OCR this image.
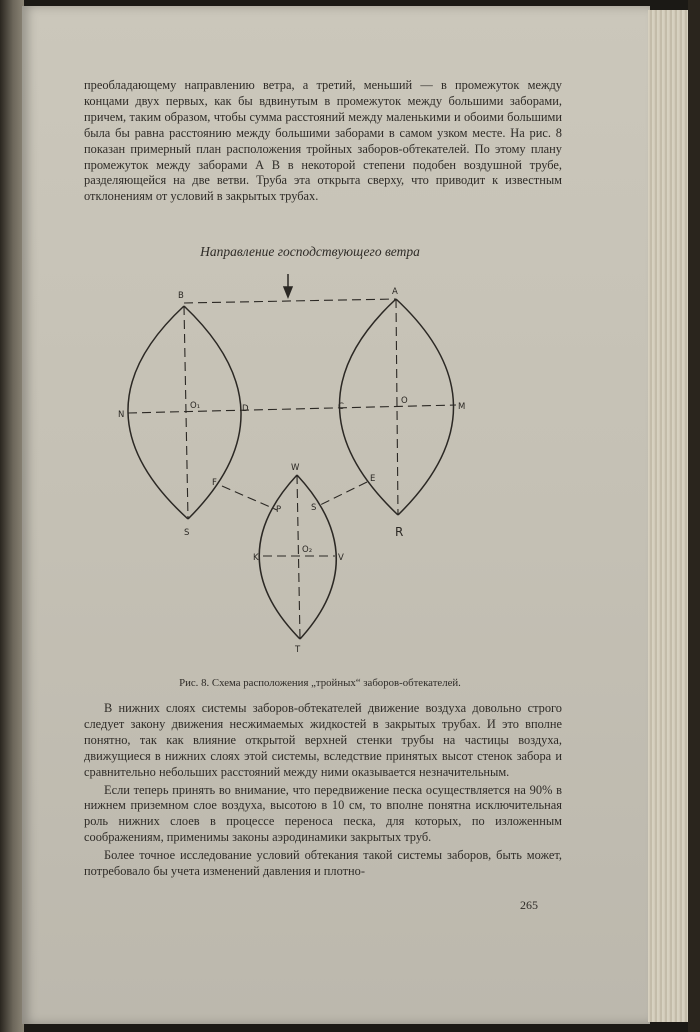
преобладающему направлению ветра, а третий, меньший — в промежуток между концами двух первых, как бы вдвинутым в промежуток между большими заборами, причем, таким образом, чтобы сумма расстояний между маленькими и обоими большими была бы равна расстоянию между большими заборами в самом узком месте. На рис. 8 показан примерный план расположения тройных заборов-обтекателей. По этому плану промежуток между заборами А В в некоторой степени подобен воздушной трубе, разделяющейся на две ветви. Труба эта открыта сверху, что приводит к известным отклонениям от условий в закрытых трубах.
Направление господствующего ветра
B	A
N
O₁	D	C
O
M
S
W
R
F	E
P	S
K
O₂
V
T
Рис. 8. Схема расположения „тройных“ заборов-обтекателей.

В нижних слоях системы заборов-обтекателей движение воздуха довольно строго следует закону движения несжимаемых жидкостей в закрытых трубах. И это вполне понятно, так как влияние открытой верхней стенки трубы на частицы воздуха, движущиеся в нижних слоях этой системы, вследствие принятых высот стенок забора и сравнительно небольших расстояний между ними оказывается незначительным.

Если теперь принять во внимание, что передвижение песка осуществляется на 90% в нижнем приземном слое воздуха, высотою в 10 см, то вполне понятна исключительная роль нижних слоев в процессе переноса песка, для которых, по изложенным соображениям, применимы законы аэродинамики закрытых труб.

Более точное исследование условий обтекания такой системы заборов, быть может, потребовало бы учета изменений давления и плотно-

265
